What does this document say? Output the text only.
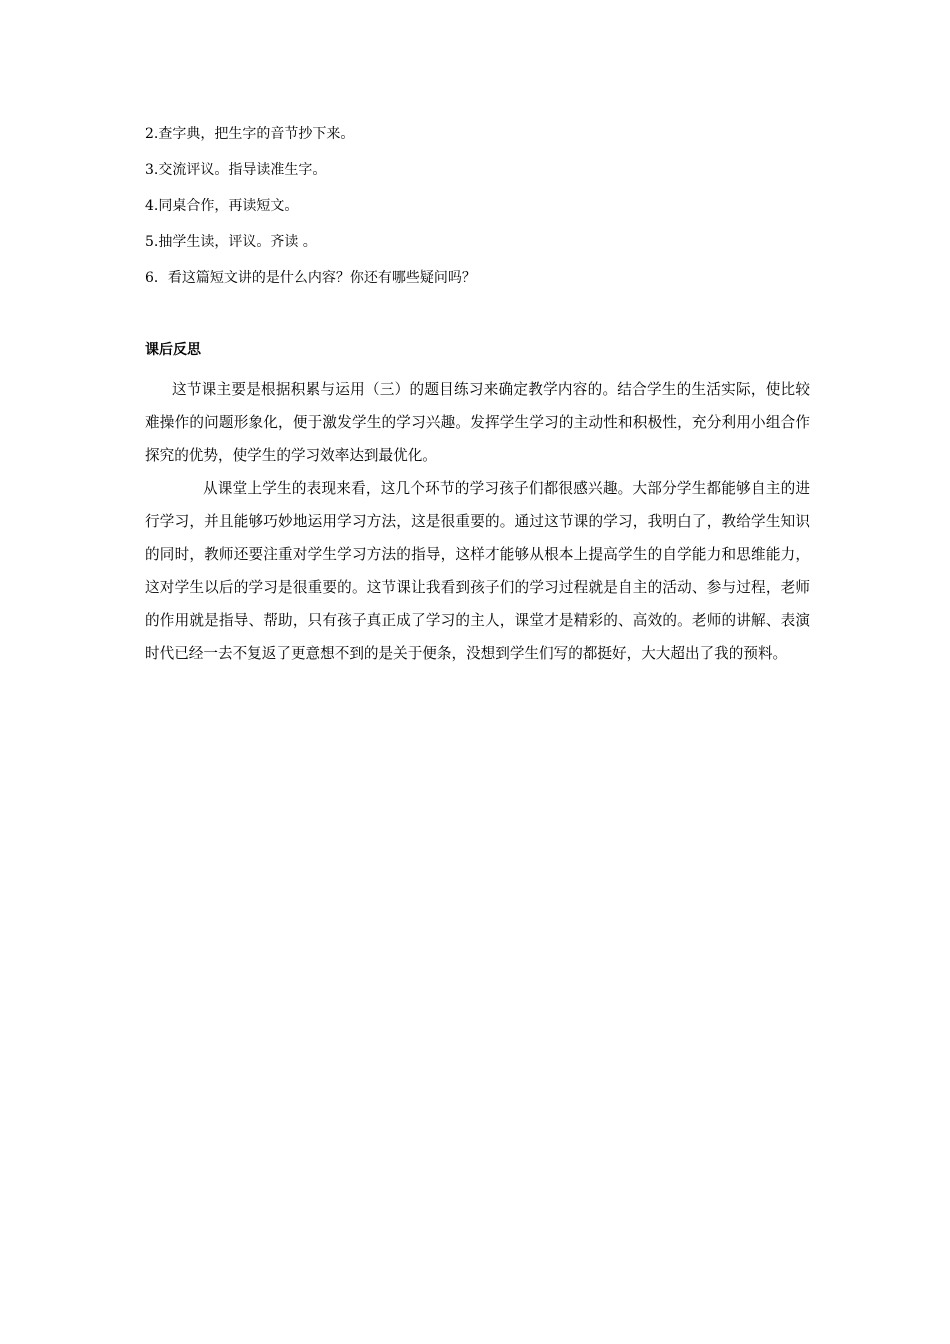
2.查字典，把生字的音节抄下来。
3.交流评议。指导读准生字。
4.同桌合作，再读短文。
5.抽学生读，评议。齐读 。
6．看这篇短文讲的是什么内容？你还有哪些疑问吗？
课后反思

这节课主要是根据积累与运用（三）的题目练习来确定教学内容的。结合学生的生活实际，使比较难操作的问题形象化，便于激发学生的学习兴趣。发挥学生学习的主动性和积极性，充分利用小组合作探究的优势，使学生的学习效率达到最优化。

从课堂上学生的表现来看，这几个环节的学习孩子们都很感兴趣。大部分学生都能够自主的进行学习，并且能够巧妙地运用学习方法，这是很重要的。通过这节课的学习，我明白了，教给学生知识的同时，教师还要注重对学生学习方法的指导，这样才能够从根本上提高学生的自学能力和思维能力，这对学生以后的学习是很重要的。这节课让我看到孩子们的学习过程就是自主的活动、参与过程，老师的作用就是指导、帮助，只有孩子真正成了学习的主人，课堂才是精彩的、高效的。老师的讲解、表演时代已经一去不复返了更意想不到的是关于便条，没想到学生们写的都挺好，大大超出了我的预料。
